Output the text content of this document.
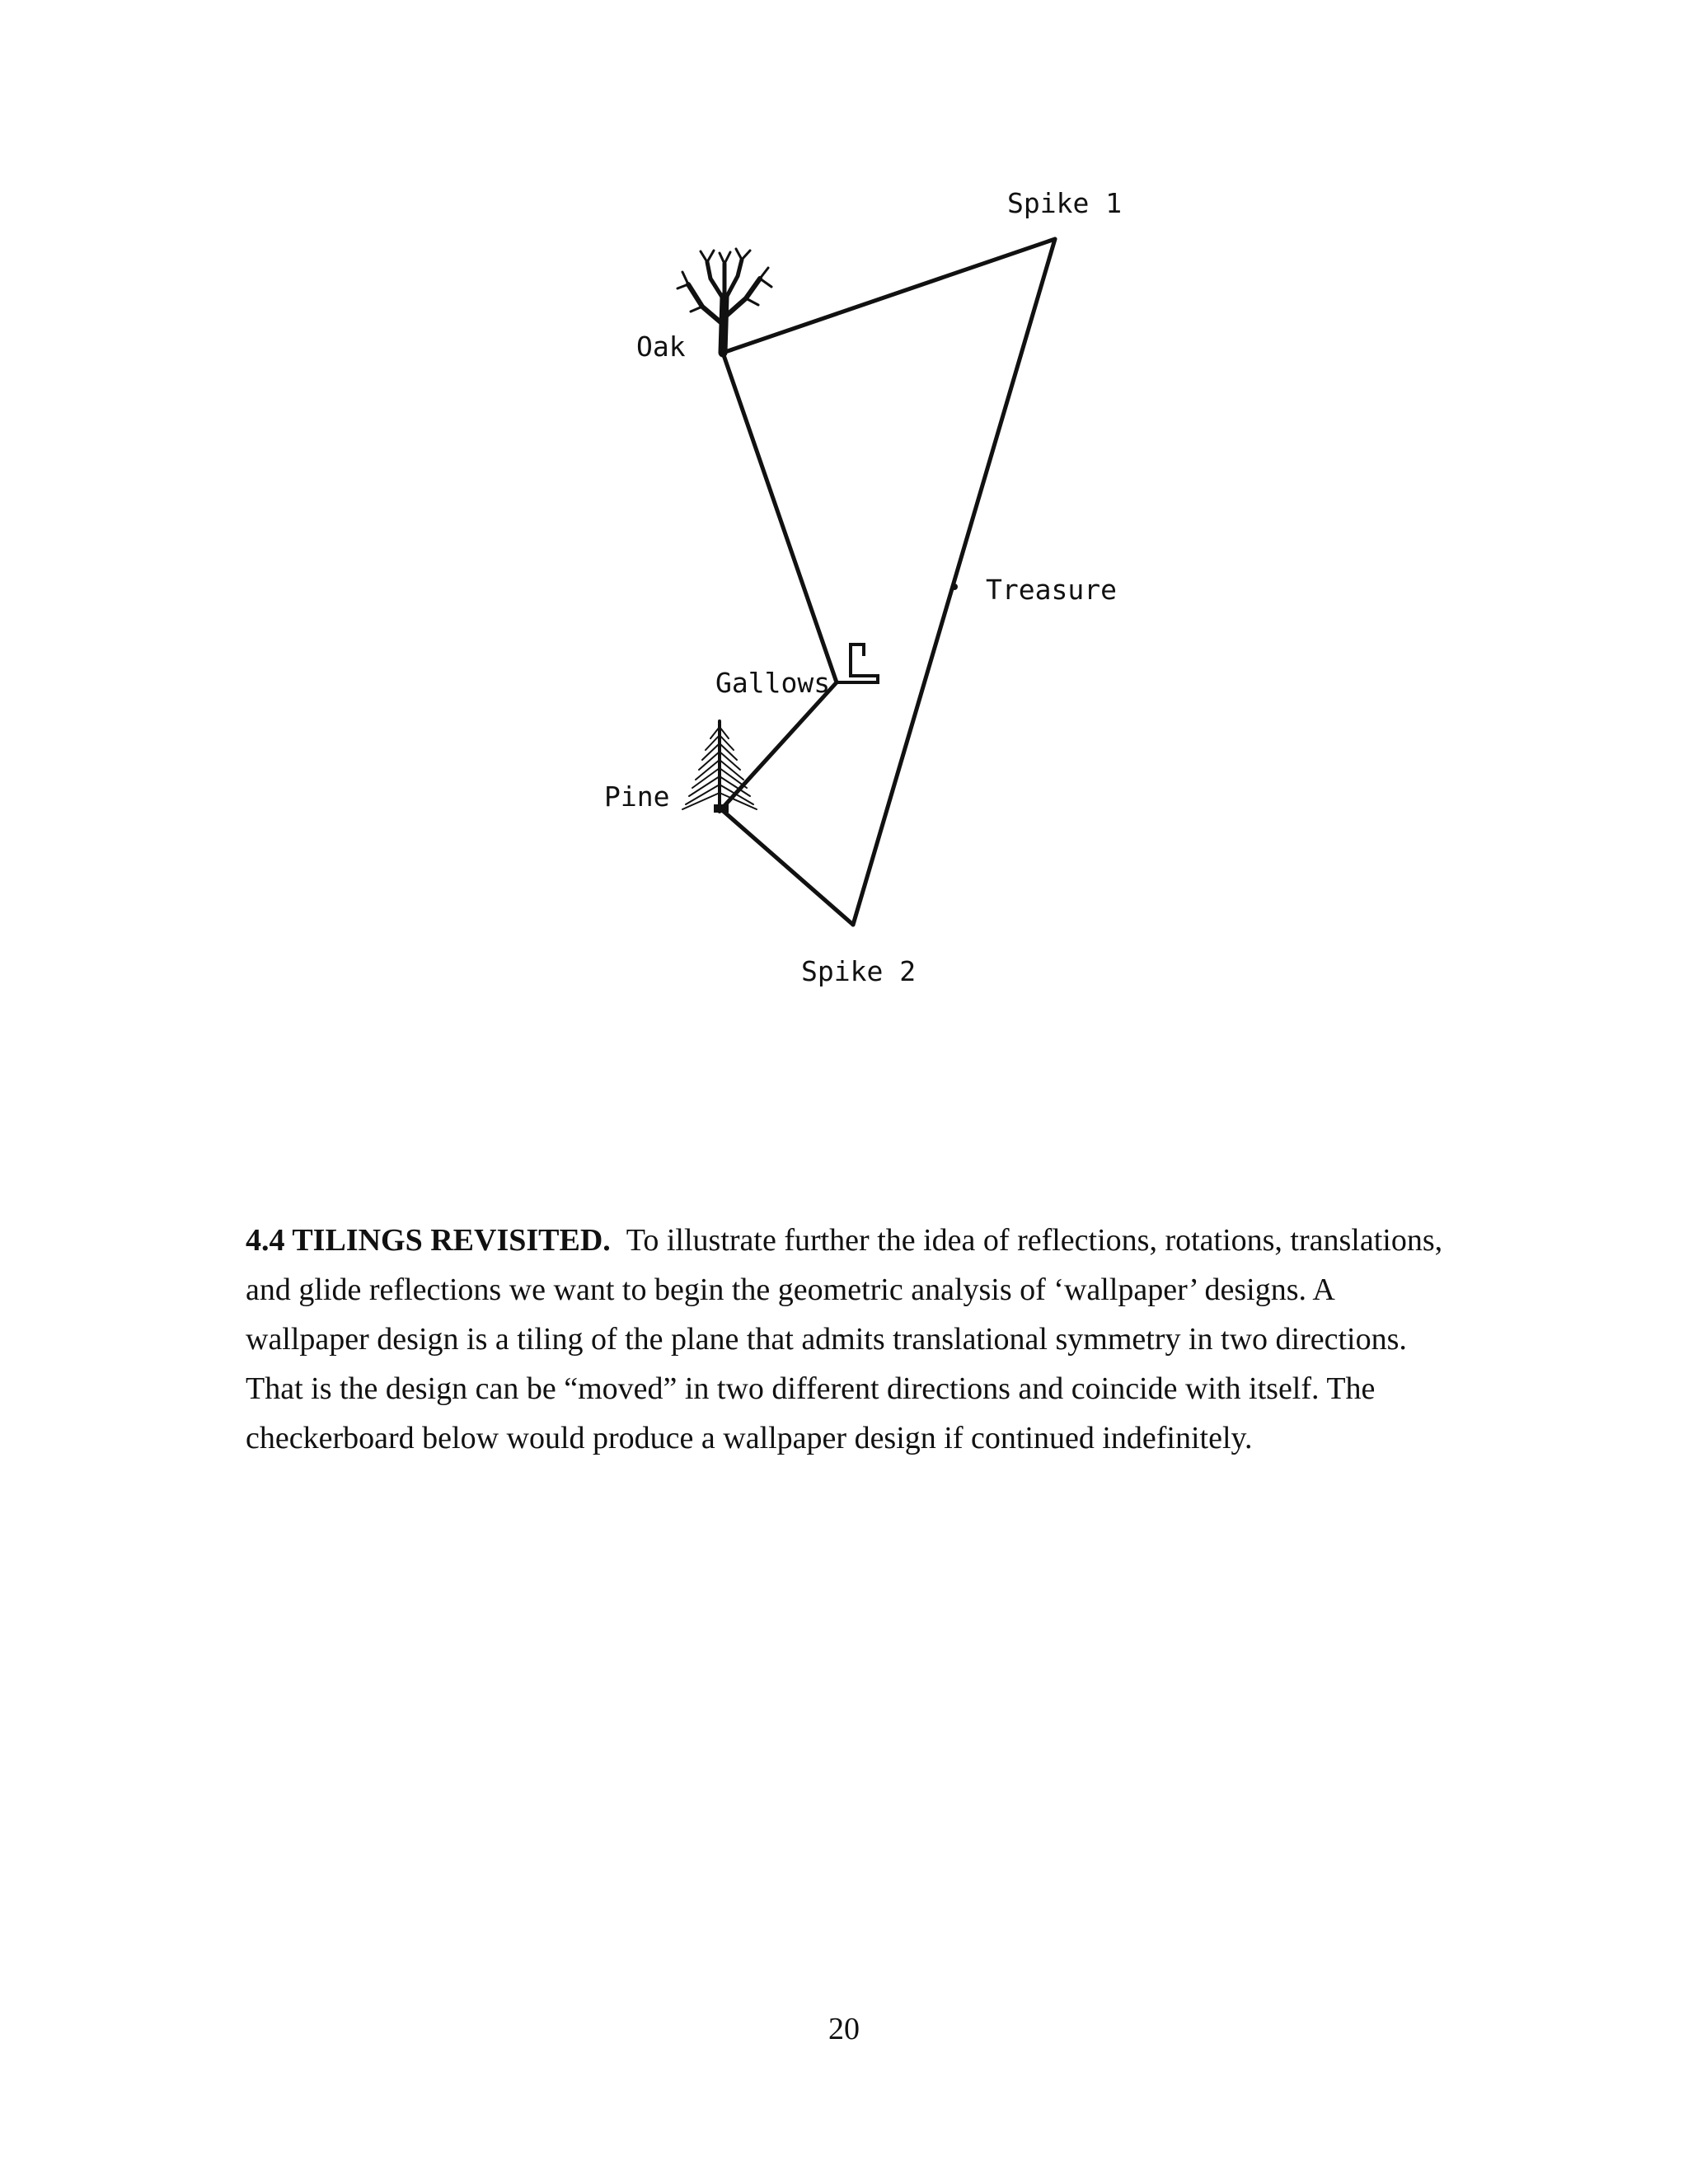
Spike 1
Oak
Treasure
Gallows
Pine
Spike 2
4.4 TILINGS REVISITED. To illustrate further the idea of reflections, rotations, translations, and glide reflections we want to begin the geometric analysis of ‘wallpaper’ designs. A wallpaper design is a tiling of the plane that admits translational symmetry in two directions. That is the design can be “moved” in two different directions and coincide with itself. The checkerboard below would produce a wallpaper design if continued indefinitely.
20
